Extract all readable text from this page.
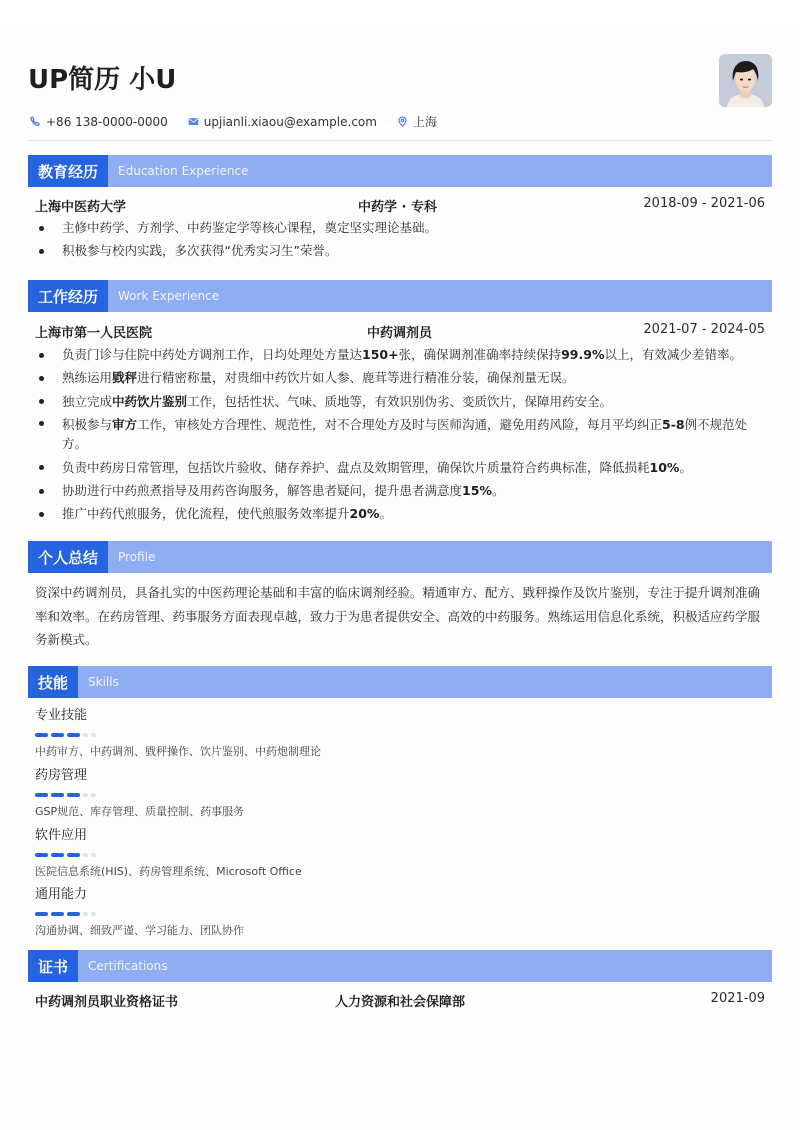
UP简历 小U
+86 138-0000-0000	upjianli.xiaou@example.com	上海
教育经历	Education Experience
上海中医药大学	中药学 · 专科	2018-09 - 2021-06
主修中药学、方剂学、中药鉴定学等核心课程，奠定坚实理论基础。
积极参与校内实践，多次获得“优秀实习生”荣誉。
工作经历	Work Experience
上海市第一人民医院	中药调剂员	2021-07 - 2024-05
负责门诊与住院中药处方调剂工作，日均处理处方量达150+张，确保调剂准确率持续保持99.9%以上，有效减少差错率。
熟练运用戥秤进行精密称量，对贵细中药饮片如人参、鹿茸等进行精准分装，确保剂量无误。
独立完成中药饮片鉴别工作，包括性状、气味、质地等，有效识别伪劣、变质饮片，保障用药安全。
积极参与审方工作，审核处方合理性、规范性，对不合理处方及时与医师沟通，避免用药风险，每月平均纠正5-8例不规范处方。
负责中药房日常管理，包括饮片验收、储存养护、盘点及效期管理，确保饮片质量符合药典标准，降低损耗10%。
协助进行中药煎煮指导及用药咨询服务，解答患者疑问，提升患者满意度15%。
推广中药代煎服务，优化流程，使代煎服务效率提升20%。
个人总结	Profile
资深中药调剂员，具备扎实的中医药理论基础和丰富的临床调剂经验。精通审方、配方、戥秤操作及饮片鉴别，专注于提升调剂准确率和效率。在药房管理、药事服务方面表现卓越，致力于为患者提供安全、高效的中药服务。熟练运用信息化系统，积极适应药学服务新模式。
技能	Skills
专业技能
中药审方、中药调剂、戥秤操作、饮片鉴别、中药炮制理论
药房管理
GSP规范、库存管理、质量控制、药事服务
软件应用
医院信息系统(HIS)、药房管理系统、Microsoft Office
通用能力
沟通协调、细致严谨、学习能力、团队协作
证书	Certifications
中药调剂员职业资格证书	人力资源和社会保障部	2021-09
